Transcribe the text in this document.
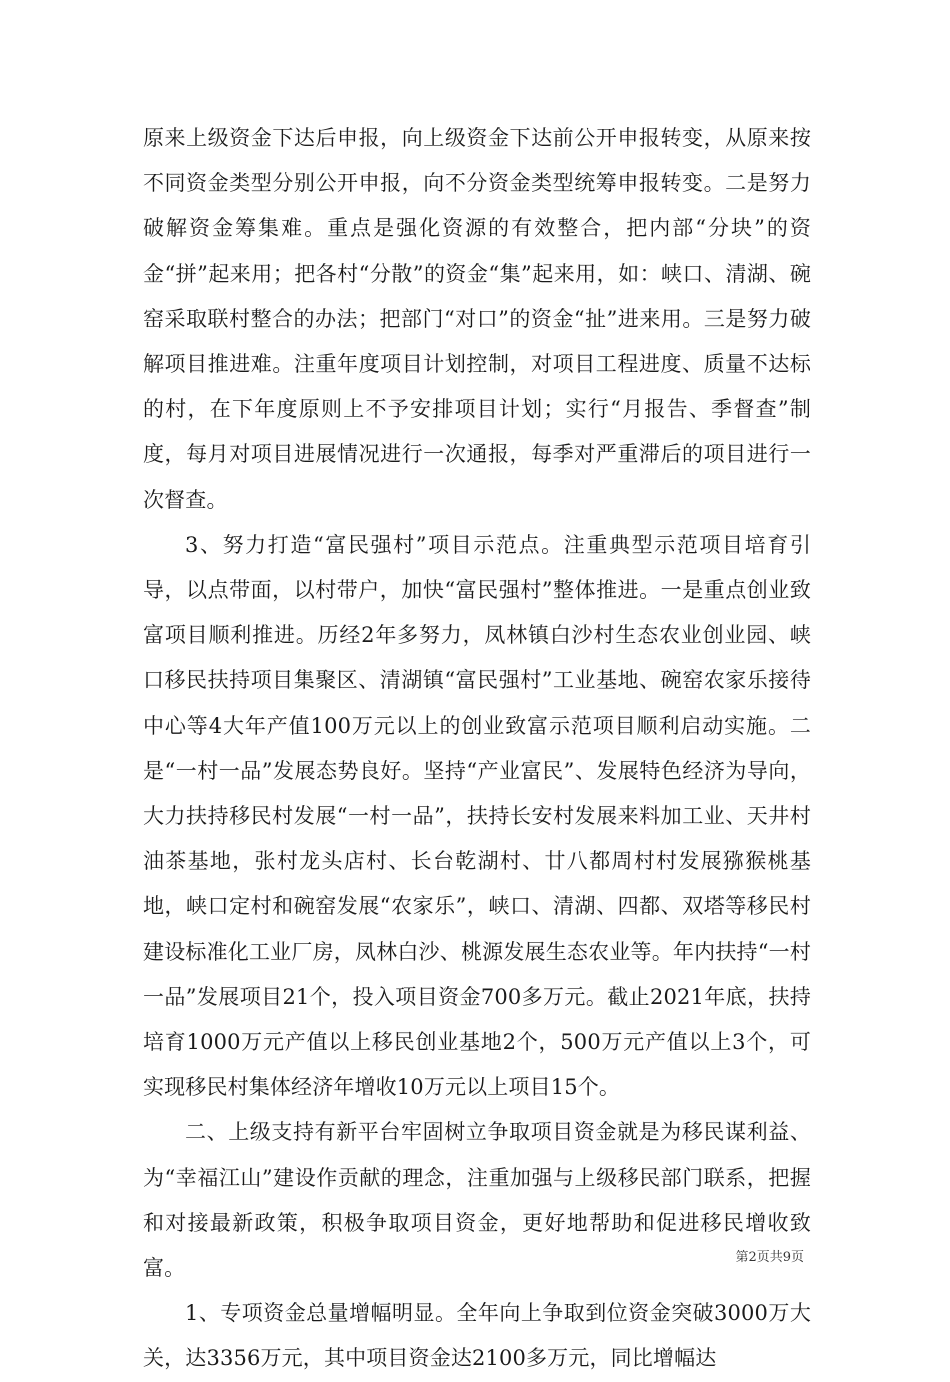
原来上级资金下达后申报，向上级资金下达前公开申报转变，从原来按不同资金类型分别公开申报，向不分资金类型统筹申报转变。二是努力破解资金筹集难。重点是强化资源的有效整合，把内部“分块”的资金“拼”起来用；把各村“分散”的资金“集”起来用，如：峡口、清湖、碗窑采取联村整合的办法；把部门“对口”的资金“扯”进来用。三是努力破解项目推进难。注重年度项目计划控制，对项目工程进度、质量不达标的村，在下年度原则上不予安排项目计划；实行“月报告、季督查”制度，每月对项目进展情况进行一次通报，每季对严重滞后的项目进行一次督查。

3、努力打造“富民强村”项目示范点。注重典型示范项目培育引导，以点带面，以村带户，加快“富民强村”整体推进。一是重点创业致富项目顺利推进。历经2年多努力，凤林镇白沙村生态农业创业园、峡口移民扶持项目集聚区、清湖镇“富民强村”工业基地、碗窑农家乐接待中心等4大年产值100万元以上的创业致富示范项目顺利启动实施。二是“一村一品”发展态势良好。坚持“产业富民”、发展特色经济为导向，大力扶持移民村发展“一村一品”，扶持长安村发展来料加工业、天井村油茶基地，张村龙头店村、长台乾湖村、廿八都周村村发展猕猴桃基地，峡口定村和碗窑发展“农家乐”，峡口、清湖、四都、双塔等移民村建设标准化工业厂房，凤林白沙、桃源发展生态农业等。年内扶持“一村一品”发展项目21个，投入项目资金700多万元。截止2021年底，扶持培育1000万元产值以上移民创业基地2个，500万元产值以上3个，可实现移民村集体经济年增收10万元以上项目15个。

二、上级支持有新平台牢固树立争取项目资金就是为移民谋利益、为“幸福江山”建设作贡献的理念，注重加强与上级移民部门联系，把握和对接最新政策，积极争取项目资金，更好地帮助和促进移民增收致富。

1、专项资金总量增幅明显。全年向上争取到位资金突破3000万大关，达3356万元，其中项目资金达2100多万元，同比增幅达

第2页共9页
